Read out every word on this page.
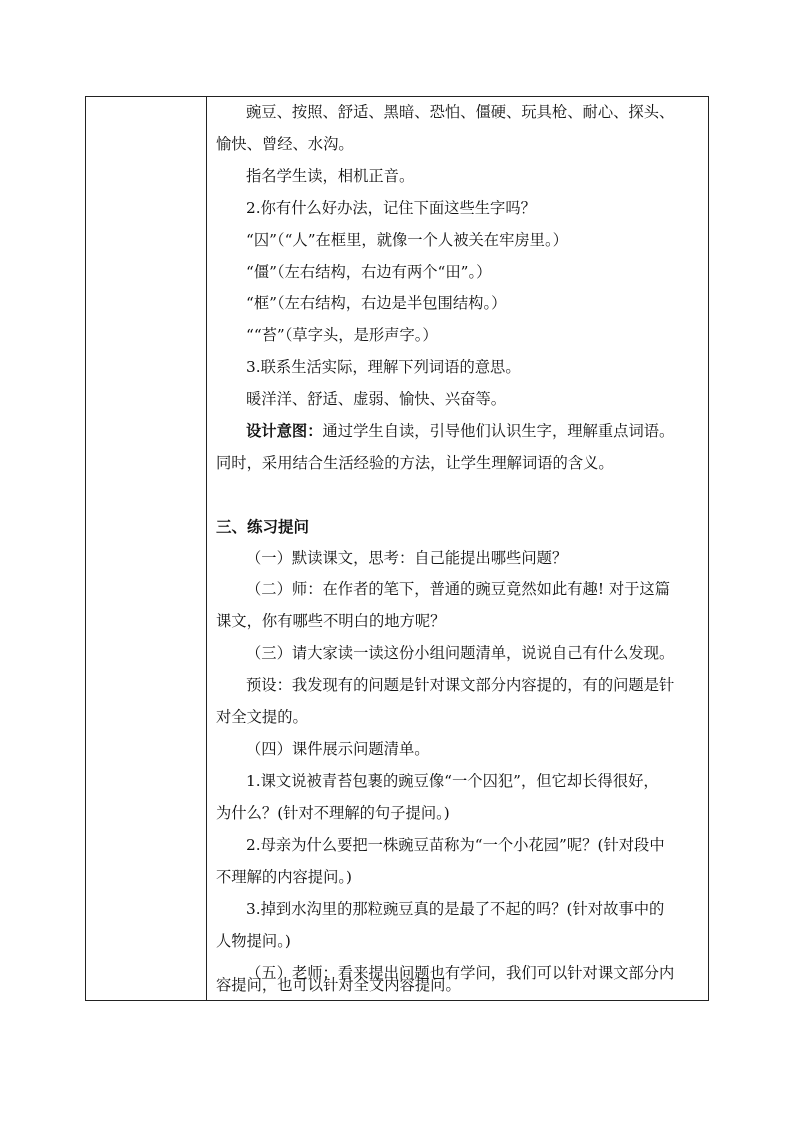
豌豆、按照、舒适、黑暗、恐怕、僵硬、玩具枪、耐心、探头、
愉快、曾经、水沟。
指名学生读，相机正音。
2.你有什么好办法，记住下面这些生字吗？
“囚”（“人”在框里，就像一个人被关在牢房里。）
“僵”（左右结构，右边有两个“田”。）
“框”（左右结构，右边是半包围结构。）
““苔”（草字头，是形声字。）
3.联系生活实际，理解下列词语的意思。
暖洋洋、舒适、虚弱、愉快、兴奋等。
设计意图：通过学生自读，引导他们认识生字，理解重点词语。
同时，采用结合生活经验的方法，让学生理解词语的含义。
三、练习提问
（一）默读课文，思考：自己能提出哪些问题？
（二）师：在作者的笔下，普通的豌豆竟然如此有趣! 对于这篇
课文，你有哪些不明白的地方呢？
（三）请大家读一读这份小组问题清单，说说自己有什么发现。
预设：我发现有的问题是针对课文部分内容提的，有的问题是针
对全文提的。
（四）课件展示问题清单。
1.课文说被青苔包裹的豌豆像“一个囚犯”，但它却长得很好，
为什么？(针对不理解的句子提问。)
2.母亲为什么要把一株豌豆苗称为“一个小花园”呢？(针对段中
不理解的内容提问。)
3.掉到水沟里的那粒豌豆真的是最了不起的吗？(针对故事中的
人物提问。)
（五）老师：看来提出问题也有学问，我们可以针对课文部分内
容提问，也可以针对全文内容提问。
